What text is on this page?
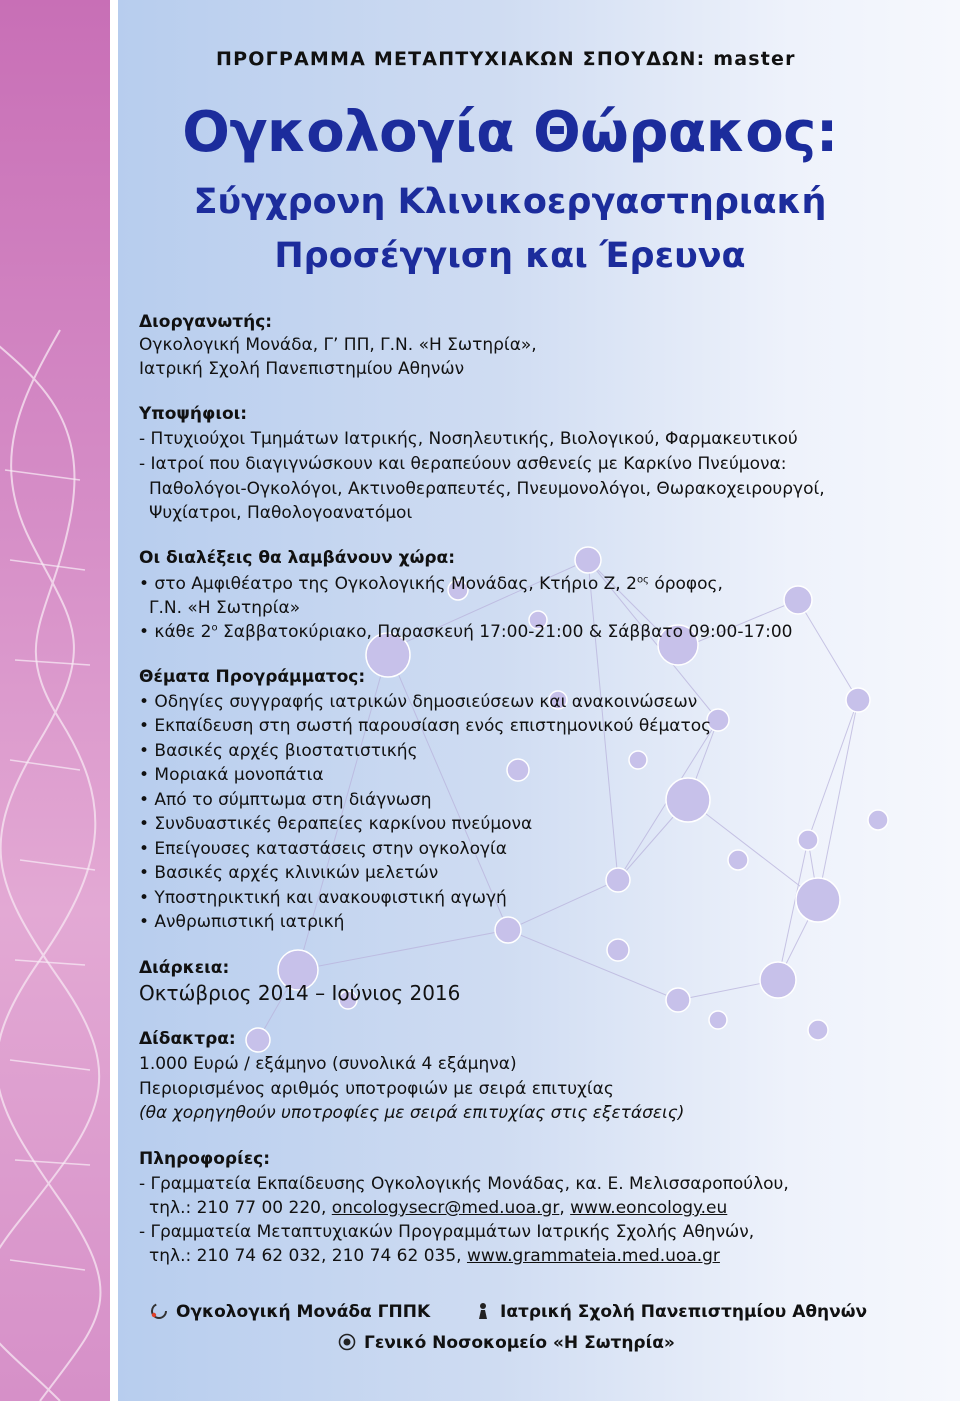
ΠΡΟΓΡΑΜΜΑ ΜΕΤΑΠΤΥΧΙΑΚΩΝ ΣΠΟΥΔΩΝ: master
Ογκολογία Θώρακος:
Σύγχρονη Κλινικοεργαστηριακή
Προσέγγιση και Έρευνα
Διοργανωτής:
Ογκολογική Μονάδα, Γ’ ΠΠ, Γ.Ν. «Η Σωτηρία»,
Ιατρική Σχολή Πανεπιστημίου Αθηνών
Υποψήφιοι:
- Πτυχιούχοι Τμημάτων Ιατρικής, Νοσηλευτικής, Βιολογικού, Φαρμακευτικού
- Ιατροί που διαγιγνώσκουν και θεραπεύουν ασθενείς με Καρκίνο Πνεύμονα:
Παθολόγοι-Ογκολόγοι, Ακτινοθεραπευτές, Πνευμονολόγοι, Θωρακοχειρουργοί,
Ψυχίατροι, Παθολογοανατόμοι
Οι διαλέξεις θα λαμβάνουν χώρα:
• στο Αμφιθέατρο της Ογκολογικής Μονάδας, Κτήριο Ζ, $2^{o\varsigma}$ όροφος,
Γ.Ν. «Η Σωτηρία»
• κάθε $2^o$ Σαββατοκύριακο, Παρασκευή 17:00-21:00 & Σάββατο 09:00-17:00
Θέματα Προγράμματος:
• Οδηγίες συγγραφής ιατρικών δημοσιεύσεων και ανακοινώσεων
• Εκπαίδευση στη σωστή παρουσίαση ενός επιστημονικού θέματος
• Βασικές αρχές βιοστατιστικής
• Μοριακά μονοπάτια
• Από το σύμπτωμα στη διάγνωση
• Συνδυαστικές θεραπείες καρκίνου πνεύμονα
• Επείγουσες καταστάσεις στην ογκολογία
• Βασικές αρχές κλινικών μελετών
• Υποστηρικτική και ανακουφιστική αγωγή
• Ανθρωπιστική ιατρική
Διάρκεια:
Οκτώβριος 2014 – Ιούνιος 2016
Δίδακτρα:
1.000 Ευρώ / εξάμηνο (συνολικά 4 εξάμηνα)
Περιορισμένος αριθμός υποτροφιών με σειρά επιτυχίας
(θα χορηγηθούν υποτροφίες με σειρά επιτυχίας στις εξετάσεις)
Πληροφορίες:
- Γραμματεία Εκπαίδευσης Ογκολογικής Μονάδας, κα. Ε. Μελισσαροπούλου,
τηλ.: 210 77 00 220, oncologysecr@med.uoa.gr, www.eoncology.eu
- Γραμματεία Μεταπτυχιακών Προγραμμάτων Ιατρικής Σχολής Αθηνών,
τηλ.: 210 74 62 032, 210 74 62 035, www.grammateia.med.uoa.gr
Ογκολογική Μονάδα ΓΠΠΚ	Ιατρική Σχολή Πανεπιστημίου Αθηνών
Γενικό Νοσοκομείο «Η Σωτηρία»
